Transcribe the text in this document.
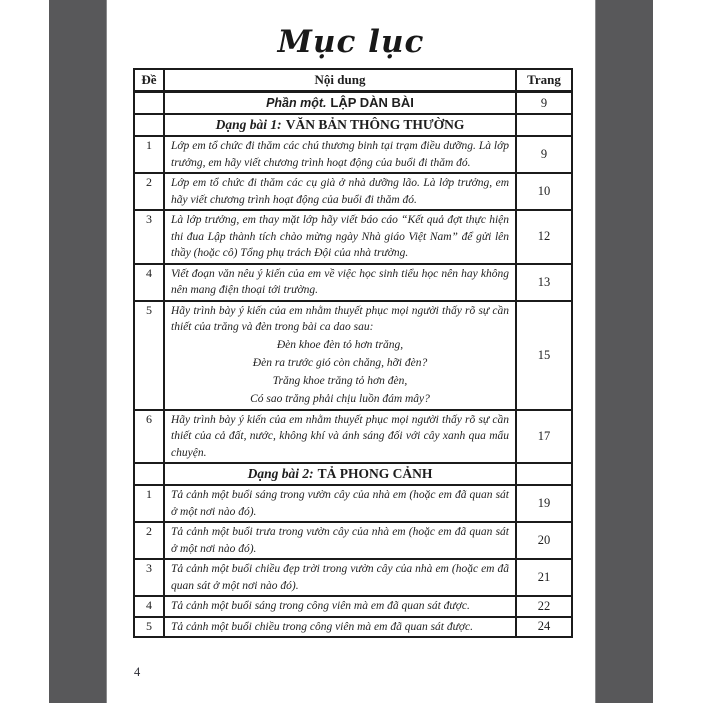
Mục lục
Đề	Nội dung	Trang
	Phần một. LẬP DÀN BÀI	9
	Dạng bài 1: VĂN BẢN THÔNG THƯỜNG	
1	Lớp em tổ chức đi thăm các chú thương binh tại trạm điều dưỡng. Là lớp trưởng, em hãy viết chương trình hoạt động của buổi đi thăm đó.	9
2	Lớp em tổ chức đi thăm các cụ già ở nhà dưỡng lão. Là lớp trưởng, em hãy viết chương trình hoạt động của buổi đi thăm đó.	10
3	Là lớp trưởng, em thay mặt lớp hãy viết báo cáo “Kết quả đợt thực hiện thi đua Lập thành tích chào mừng ngày Nhà giáo Việt Nam” để gửi lên thầy (hoặc cô) Tổng phụ trách Đội của nhà trường.	12
4	Viết đoạn văn nêu ý kiến của em về việc học sinh tiểu học nên hay không nên mang điện thoại tới trường.	13
5	Hãy trình bày ý kiến của em nhằm thuyết phục mọi người thấy rõ sự cần thiết của trăng và đèn trong bài ca dao sau:
Đèn khoe đèn tỏ hơn trăng,
Đèn ra trước gió còn chăng, hỡi đèn?
Trăng khoe trăng tỏ hơn đèn,
Có sao trăng phải chịu luồn đám mây?	15
6	Hãy trình bày ý kiến của em nhằm thuyết phục mọi người thấy rõ sự cần thiết của cả đất, nước, không khí và ánh sáng đối với cây xanh qua mẩu chuyện.	17
	Dạng bài 2: TẢ PHONG CẢNH	
1	Tả cảnh một buổi sáng trong vườn cây của nhà em (hoặc em đã quan sát ở một nơi nào đó).	19
2	Tả cảnh một buổi trưa trong vườn cây của nhà em (hoặc em đã quan sát ở một nơi nào đó).	20
3	Tả cảnh một buổi chiều đẹp trời trong vườn cây của nhà em (hoặc em đã quan sát ở một nơi nào đó).	21
4	Tả cảnh một buổi sáng trong công viên mà em đã quan sát được.	22
5	Tả cảnh một buổi chiều trong công viên mà em đã quan sát được.	24
4
